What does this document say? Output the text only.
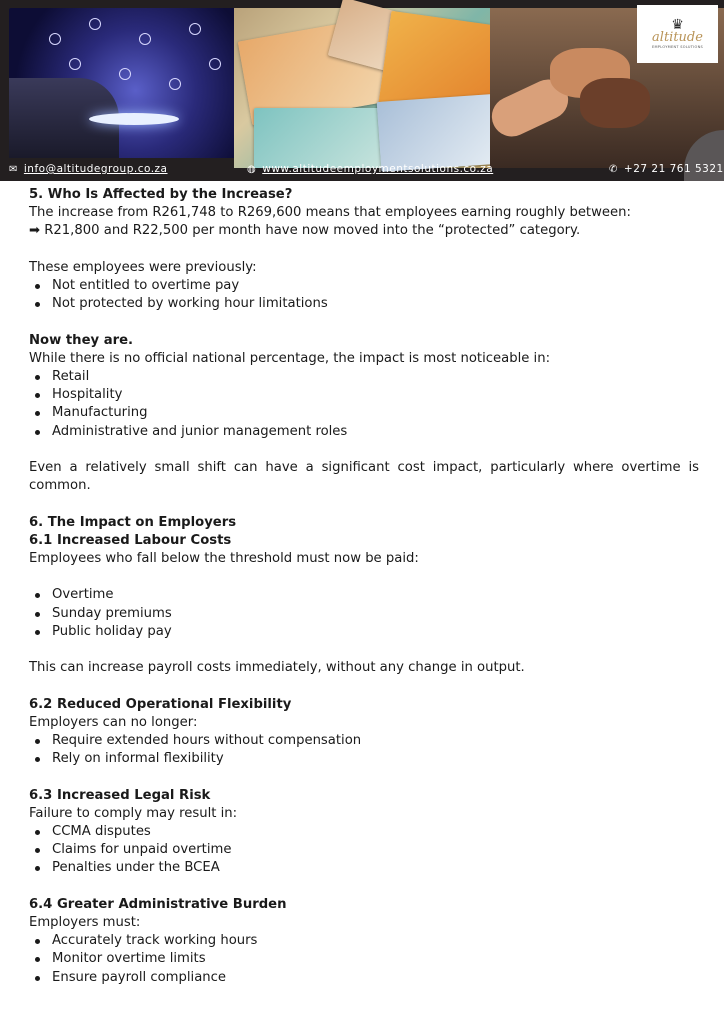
♛
altitude
EMPLOYMENT SOLUTIONS
✉ info@altitudegroup.co.za	◍ www.altitudeemploymentsolutions.co.za	✆ +27 21 761 5321

5. Who Is Affected by the Increase?

The increase from R261,748 to R269,600 means that employees earning roughly between:

➡ R21,800 and R22,500 per month have now moved into the “protected” category.

These employees were previously:

Not entitled to overtime pay
Not protected by working hour limitations

Now they are.

While there is no official national percentage, the impact is most noticeable in:

Retail
Hospitality
Manufacturing
Administrative and junior management roles

Even a relatively small shift can have a significant cost impact, particularly where overtime is common.

6. The Impact on Employers

6.1 Increased Labour Costs

Employees who fall below the threshold must now be paid:

Overtime
Sunday premiums
Public holiday pay

This can increase payroll costs immediately, without any change in output.

6.2 Reduced Operational Flexibility

Employers can no longer:

Require extended hours without compensation
Rely on informal flexibility

6.3 Increased Legal Risk

Failure to comply may result in:

CCMA disputes
Claims for unpaid overtime
Penalties under the BCEA

6.4 Greater Administrative Burden

Employers must:

Accurately track working hours
Monitor overtime limits
Ensure payroll compliance
